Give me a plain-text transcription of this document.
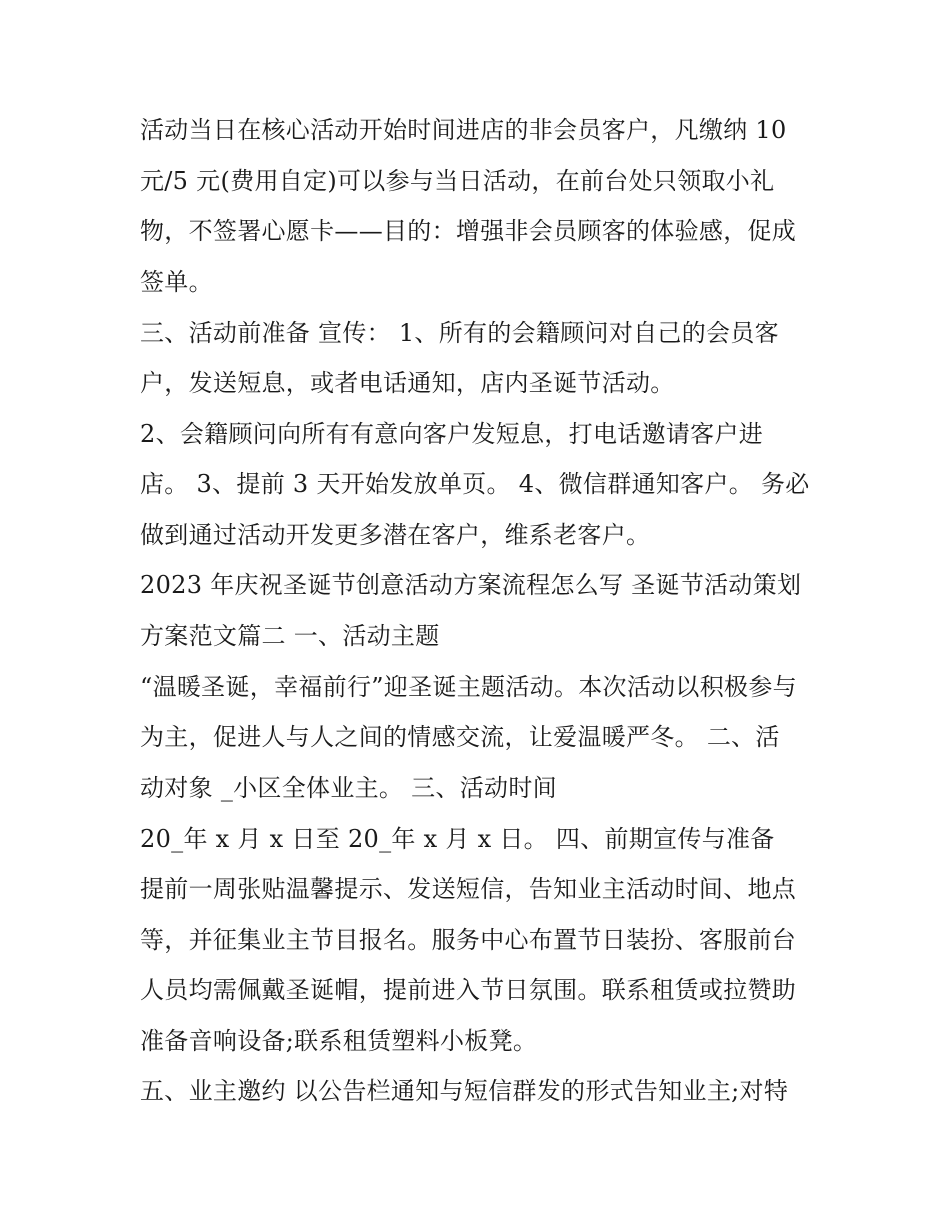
活动当日在核心活动开始时间进店的非会员客户，凡缴纳 10
元/5 元(费用自定)可以参与当日活动，在前台处只领取小礼
物，不签署心愿卡——目的：增强非会员顾客的体验感，促成
签单。
三、活动前准备 宣传： 1、所有的会籍顾问对自己的会员客
户，发送短息，或者电话通知，店内圣诞节活动。
2、会籍顾问向所有有意向客户发短息，打电话邀请客户进
店。 3、提前 3 天开始发放单页。 4、微信群通知客户。 务必
做到通过活动开发更多潜在客户，维系老客户。
2023 年庆祝圣诞节创意活动方案流程怎么写 圣诞节活动策划
方案范文篇二 一、活动主题
“温暖圣诞，幸福前行”迎圣诞主题活动。本次活动以积极参与
为主，促进人与人之间的情感交流，让爱温暖严冬。 二、活
动对象 _小区全体业主。 三、活动时间
20_年 x 月 x 日至 20_年 x 月 x 日。 四、前期宣传与准备
提前一周张贴温馨提示、发送短信，告知业主活动时间、地点
等，并征集业主节目报名。服务中心布置节日装扮、客服前台
人员均需佩戴圣诞帽，提前进入节日氛围。联系租赁或拉赞助
准备音响设备;联系租赁塑料小板凳。
五、业主邀约 以公告栏通知与短信群发的形式告知业主;对特
